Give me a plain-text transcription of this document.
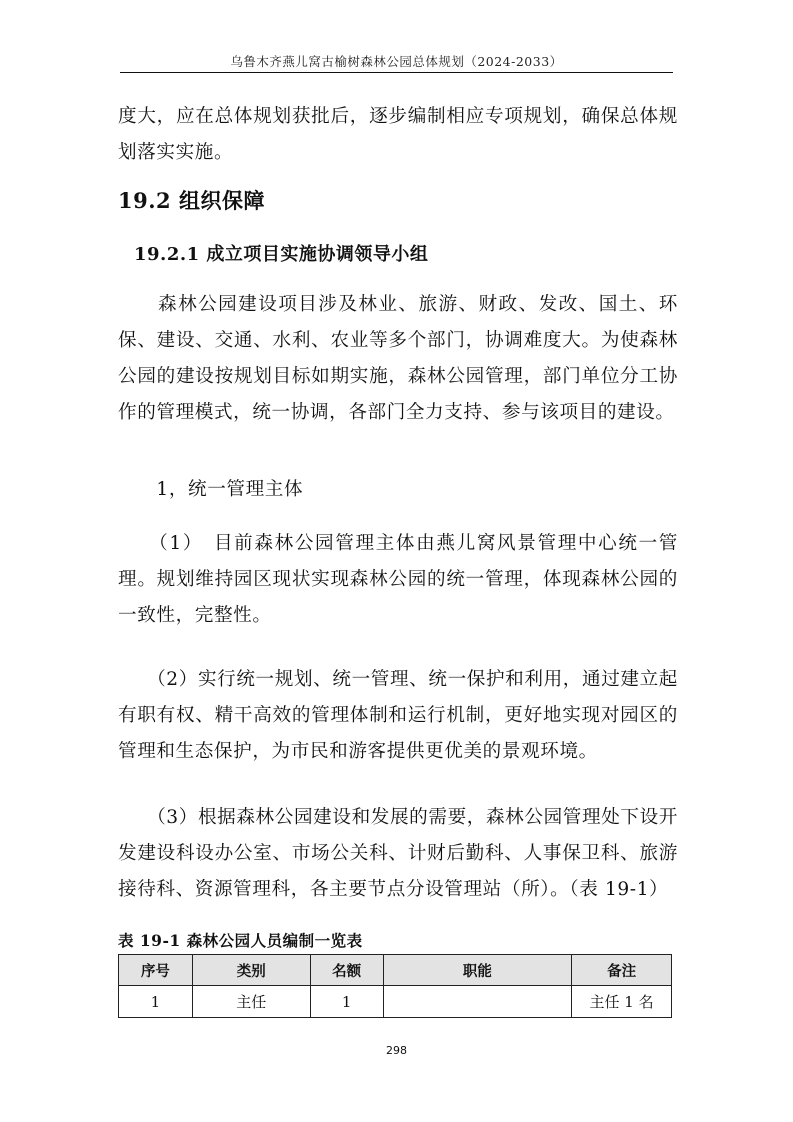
乌鲁木齐燕儿窝古榆树森林公园总体规划（2024-2033）

度大，应在总体规划获批后，逐步编制相应专项规划，确保总体规划落实实施。

19.2 组织保障
19.2.1 成立项目实施协调领导小组

　　森林公园建设项目涉及林业、旅游、财政、发改、国土、环保、建设、交通、水利、农业等多个部门，协调难度大。为使森林公园的建设按规划目标如期实施，森林公园管理，部门单位分工协作的管理模式，统一协调，各部门全力支持、参与该项目的建设。

　　1，统一管理主体

　　（1）　目前森林公园管理主体由燕儿窝风景管理中心统一管理。规划维持园区现状实现森林公园的统一管理，体现森林公园的一致性，完整性。

　　（2）实行统一规划、统一管理、统一保护和利用，通过建立起有职有权、精干高效的管理体制和运行机制，更好地实现对园区的管理和生态保护，为市民和游客提供更优美的景观环境。

　　（3）根据森林公园建设和发展的需要，森林公园管理处下设开发建设科设办公室、市场公关科、计财后勤科、人事保卫科、旅游接待科、资源管理科，各主要节点分设管理站（所）。（表 19-1）

表 19-1 森林公园人员编制一览表

序号	类别	名额	职能	备注
1	主任	1		主任 1 名
298
